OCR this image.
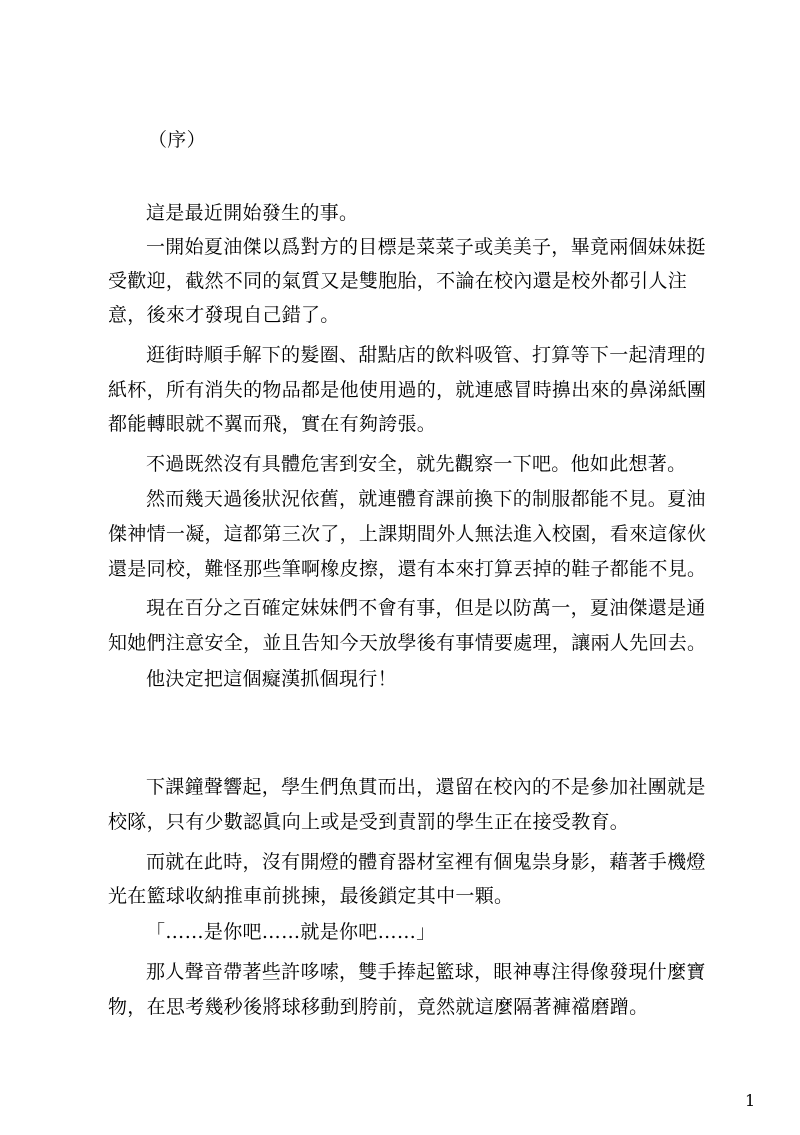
（序）
這是最近開始發生的事。
一開始夏油傑以爲對方的目標是菜菜子或美美子，畢竟兩個妹妹挺
受歡迎，截然不同的氣質又是雙胞胎，不論在校內還是校外都引人注
意，後來才發現自己錯了。
逛街時順手解下的髮圈、甜點店的飲料吸管、打算等下一起清理的
紙杯，所有消失的物品都是他使用過的，就連感冒時擤出來的鼻涕紙團
都能轉眼就不翼而飛，實在有夠誇張。
不過既然沒有具體危害到安全，就先觀察一下吧。他如此想著。
然而幾天過後狀況依舊，就連體育課前換下的制服都能不見。夏油
傑神情一凝，這都第三次了，上課期間外人無法進入校園，看來這傢伙
還是同校，難怪那些筆啊橡皮擦，還有本來打算丟掉的鞋子都能不見。
現在百分之百確定妹妹們不會有事，但是以防萬一，夏油傑還是通
知她們注意安全，並且告知今天放學後有事情要處理，讓兩人先回去。
他決定把這個癡漢抓個現行！
下課鐘聲響起，學生們魚貫而出，還留在校內的不是參加社團就是
校隊，只有少數認眞向上或是受到責罰的學生正在接受教育。
而就在此時，沒有開燈的體育器材室裡有個鬼祟身影，藉著手機燈
光在籃球收納推車前挑揀，最後鎖定其中一顆。
「……是你吧……就是你吧……」
那人聲音帶著些許哆嗦，雙手捧起籃球，眼神專注得像發現什麼寶
物，在思考幾秒後將球移動到胯前，竟然就這麼隔著褲襠磨蹭。
1
